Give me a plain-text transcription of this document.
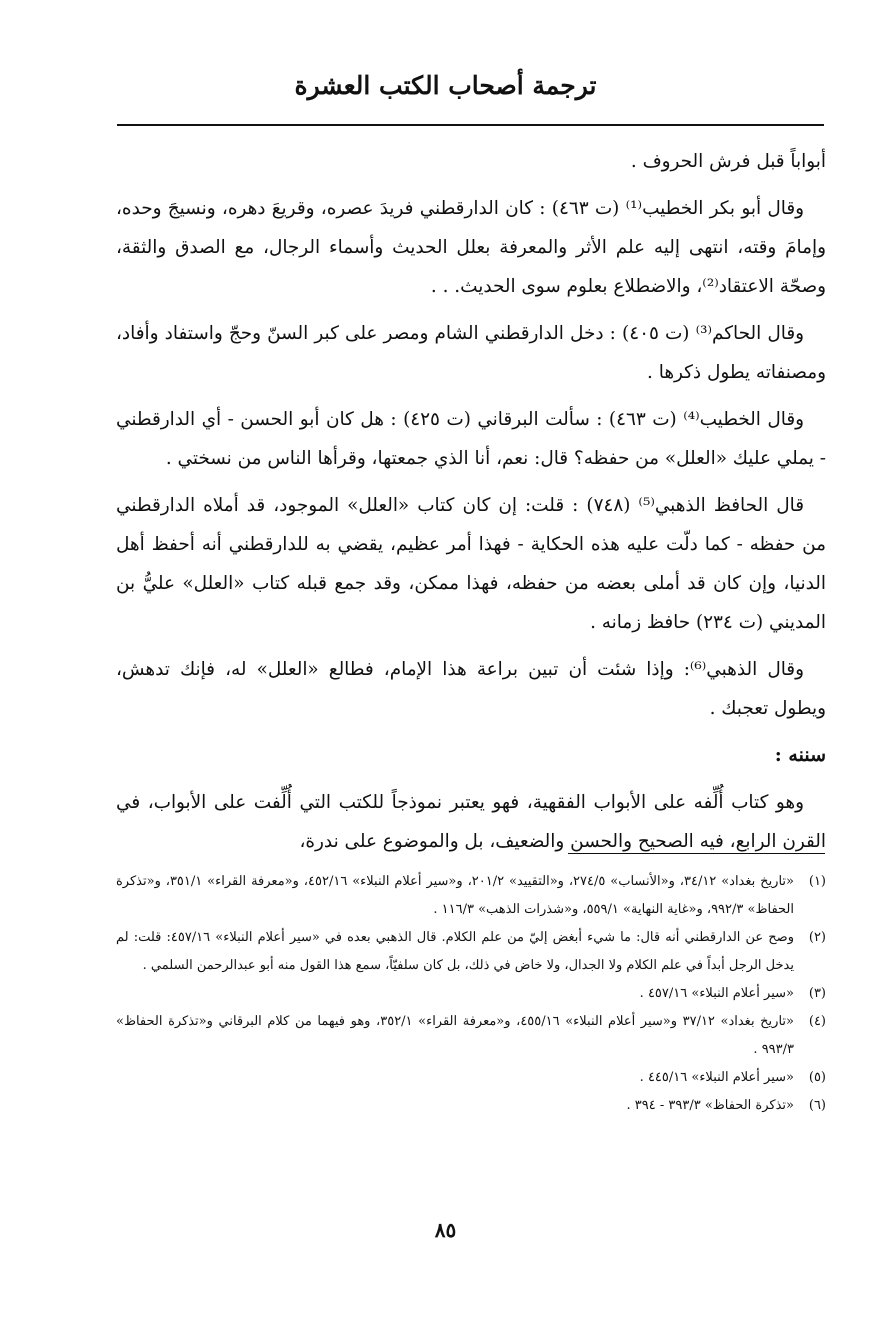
ترجمة أصحاب الكتب العشرة

أبواباً قبل فرش الحروف .

وقال أبو بكر الخطيب⁽¹⁾ (ت ٤٦٣) : كان الدارقطني فريدَ عصره، وقريعَ دهره، ونسيجَ وحده، وإمامَ وقته، انتهى إليه علم الأثر والمعرفة بعلل الحديث وأسماء الرجال، مع الصدق والثقة، وصحّة الاعتقاد⁽²⁾، والاضطلاع بعلوم سوى الحديث. . .

وقال الحاكم⁽³⁾ (ت ٤٠٥) : دخل الدارقطني الشام ومصر على كبر السنّ وحجّ واستفاد وأفاد، ومصنفاته يطول ذكرها .

وقال الخطيب⁽⁴⁾ (ت ٤٦٣) : سألت البرقاني (ت ٤٢٥) : هل كان أبو الحسن - أي الدارقطني - يملي عليك «العلل» من حفظه؟ قال: نعم، أنا الذي جمعتها، وقرأها الناس من نسختي .

قال الحافظ الذهبي⁽⁵⁾ (٧٤٨) : قلت: إن كان كتاب «العلل» الموجود، قد أملاه الدارقطني من حفظه - كما دلّت عليه هذه الحكاية - فهذا أمر عظيم، يقضي به للدارقطني أنه أحفظ أهل الدنيا، وإن كان قد أملى بعضه من حفظه، فهذا ممكن، وقد جمع قبله كتاب «العلل» عليُّ بن المديني (ت ٢٣٤) حافظ زمانه .

وقال الذهبي⁽⁶⁾: وإذا شئت أن تبين براعة هذا الإمام، فطالع «العلل» له، فإنك تدهش، ويطول تعجبك .

سننه :

وهو كتاب أُلِّفه على الأبواب الفقهية، فهو يعتبر نموذجاً للكتب التي أُلِّفت على الأبواب، في القرن الرابع، فيه الصحيح والحسن والضعيف، بل والموضوع على ندرة،

(١)
«تاريخ بغداد» ٣٤/١٢، و«الأنساب» ٢٧٤/٥، و«التقييد» ٢٠١/٢، و«سير أعلام النبلاء» ٤٥٢/١٦، و«معرفة القراء» ٣٥١/١، و«تذكرة الحفاظ» ٩٩٢/٣، و«غاية النهاية» ٥٥٩/١، و«شذرات الذهب» ١١٦/٣ .
(٢)
وصح عن الدارقطني أنه قال: ما شيء أبغض إليّ من علم الكلام. قال الذهبي بعده في «سير أعلام النبلاء» ٤٥٧/١٦: قلت: لم يدخل الرجل أبداً في علم الكلام ولا الجدال، ولا خاض في ذلك، بل كان سلفيّاً، سمع هذا القول منه أبو عبدالرحمن السلمي .
(٣)
«سير أعلام النبلاء» ٤٥٧/١٦ .
(٤)
«تاريخ بغداد» ٣٧/١٢ و«سير أعلام النبلاء» ٤٥٥/١٦، و«معرفة القراء» ٣٥٢/١، وهو فيهما من كلام البرقاني و«تذكرة الحفاظ» ٩٩٣/٣ .
(٥)
«سير أعلام النبلاء» ٤٤٥/١٦ .
(٦)
«تذكرة الحفاظ» ٣٩٣/٣ - ٣٩٤ .
٨٥
